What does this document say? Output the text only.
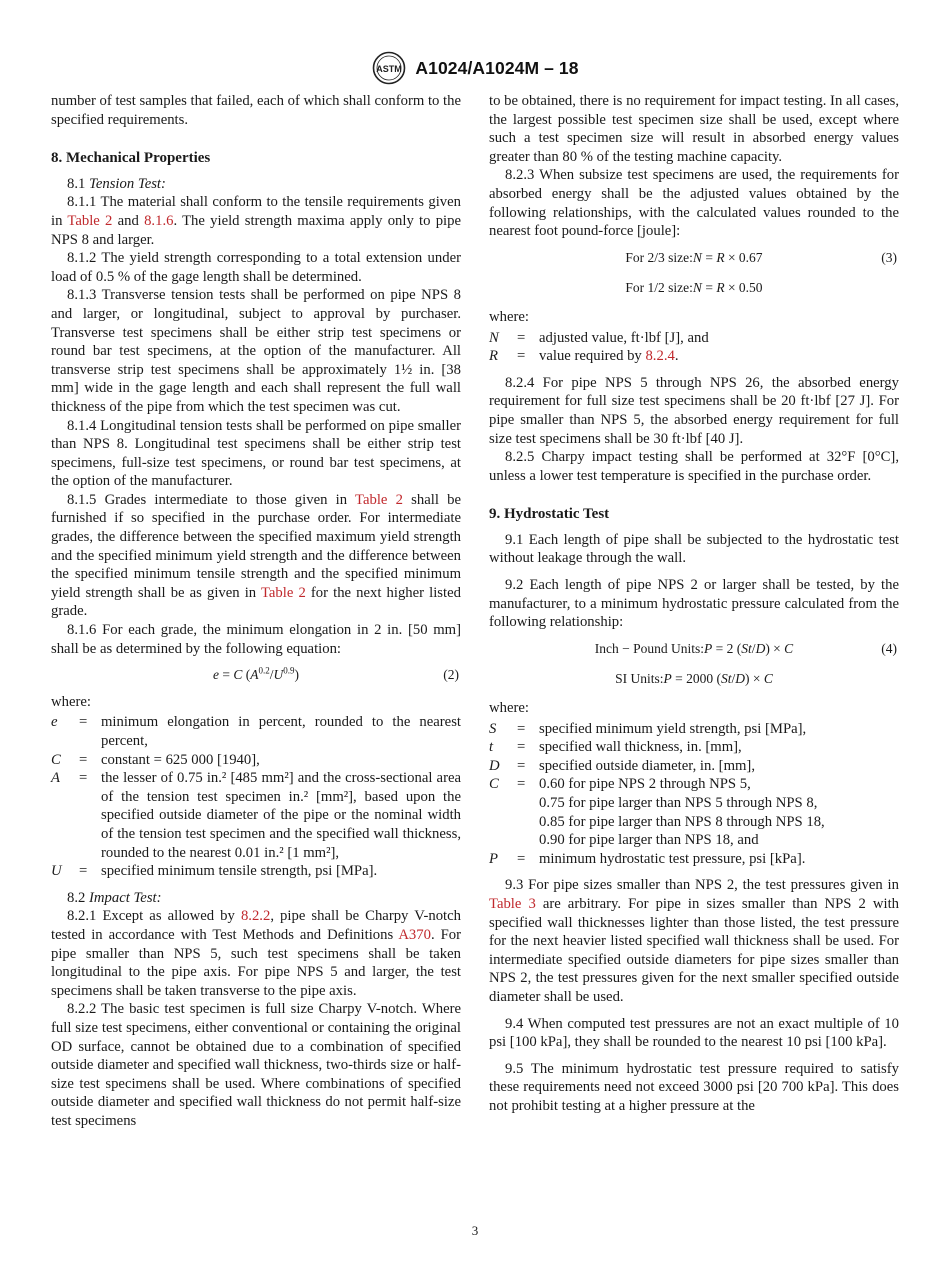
ASTM A1024/A1024M – 18

number of test samples that failed, each of which shall conform to the specified requirements.

8. Mechanical Properties

8.1 Tension Test:

8.1.1 The material shall conform to the tensile requirements given in Table 2 and 8.1.6. The yield strength maxima apply only to pipe NPS 8 and larger.

8.1.2 The yield strength corresponding to a total extension under load of 0.5 % of the gage length shall be determined.

8.1.3 Transverse tension tests shall be performed on pipe NPS 8 and larger, or longitudinal, subject to approval by purchaser. Transverse test specimens shall be either strip test specimens or round bar test specimens, at the option of the manufacturer. All transverse strip test specimens shall be approximately 1½ in. [38 mm] wide in the gage length and each shall represent the full wall thickness of the pipe from which the test specimen was cut.

8.1.4 Longitudinal tension tests shall be performed on pipe smaller than NPS 8. Longitudinal test specimens shall be either strip test specimens, full-size test specimens, or round bar test specimens, at the option of the manufacturer.

8.1.5 Grades intermediate to those given in Table 2 shall be furnished if so specified in the purchase order. For intermediate grades, the difference between the specified maximum yield strength and the specified minimum yield strength and the difference between the specified minimum tensile strength and the specified minimum yield strength shall be as given in Table 2 for the next higher listed grade.

8.1.6 For each grade, the minimum elongation in 2 in. [50 mm] shall be as determined by the following equation:

e = C $(A^{0.2}/U^{0.9})$	(2)

where:

e	= minimum elongation in percent, rounded to the nearest percent,
C	= constant = 625 000 [1940],
A	= the lesser of 0.75 in.² [485 mm²] and the cross-sectional area of the tension test specimen in.² [mm²], based upon the specified outside diameter of the pipe or the nominal width of the tension test specimen and the specified wall thickness, rounded to the nearest 0.01 in.² [1 mm²],
U	= specified minimum tensile strength, psi [MPa].

8.2 Impact Test:

8.2.1 Except as allowed by 8.2.2, pipe shall be Charpy V-notch tested in accordance with Test Methods and Definitions A370. For pipe smaller than NPS 5, such test specimens shall be taken longitudinal to the pipe axis. For pipe NPS 5 and larger, the test specimens shall be taken transverse to the pipe axis.

8.2.2 The basic test specimen is full size Charpy V-notch. Where full size test specimens, either conventional or containing the original OD surface, cannot be obtained due to a combination of specified outside diameter and specified wall thickness, two-thirds size or half-size test specimens shall be used. Where combinations of specified outside diameter and specified wall thickness do not permit half-size test specimens

to be obtained, there is no requirement for impact testing. In all cases, the largest possible test specimen size shall be used, except where such a test specimen size will result in absorbed energy values greater than 80 % of the testing machine capacity.

8.2.3 When subsize test specimens are used, the requirements for absorbed energy shall be the adjusted values obtained by the following relationships, with the calculated values rounded to the nearest foot pound-force [joule]:

For 2/3 size:N = R × 0.67	(3)
For 1/2 size:N = R × 0.50

where:

N	= adjusted value, ft·lbf [J], and
R	= value required by 8.2.4.

8.2.4 For pipe NPS 5 through NPS 26, the absorbed energy requirement for full size test specimens shall be 20 ft·lbf [27 J]. For pipe smaller than NPS 5, the absorbed energy requirement for full size test specimens shall be 30 ft·lbf [40 J].

8.2.5 Charpy impact testing shall be performed at 32°F [0°C], unless a lower test temperature is specified in the purchase order.

9. Hydrostatic Test

9.1 Each length of pipe shall be subjected to the hydrostatic test without leakage through the wall.

9.2 Each length of pipe NPS 2 or larger shall be tested, by the manufacturer, to a minimum hydrostatic pressure calculated from the following relationship:

Inch − Pound Units:P = 2 (St/D) × C	(4)
SI Units:P = 2000 (St/D) × C

where:

S	= specified minimum yield strength, psi [MPa],
t	= specified wall thickness, in. [mm],
D	= specified outside diameter, in. [mm],
C	= 0.60 for pipe NPS 2 through NPS 5,
0.75 for pipe larger than NPS 5 through NPS 8,
0.85 for pipe larger than NPS 8 through NPS 18,
0.90 for pipe larger than NPS 18, and
P	= minimum hydrostatic test pressure, psi [kPa].

9.3 For pipe sizes smaller than NPS 2, the test pressures given in Table 3 are arbitrary. For pipe in sizes smaller than NPS 2 with specified wall thicknesses lighter than those listed, the test pressure for the next heavier listed specified wall thickness shall be used. For intermediate specified outside diameters for pipe sizes smaller than NPS 2, the test pressures given for the next smaller specified outside diameter shall be used.

9.4 When computed test pressures are not an exact multiple of 10 psi [100 kPa], they shall be rounded to the nearest 10 psi [100 kPa].

9.5 The minimum hydrostatic test pressure required to satisfy these requirements need not exceed 3000 psi [20 700 kPa]. This does not prohibit testing at a higher pressure at the

3
